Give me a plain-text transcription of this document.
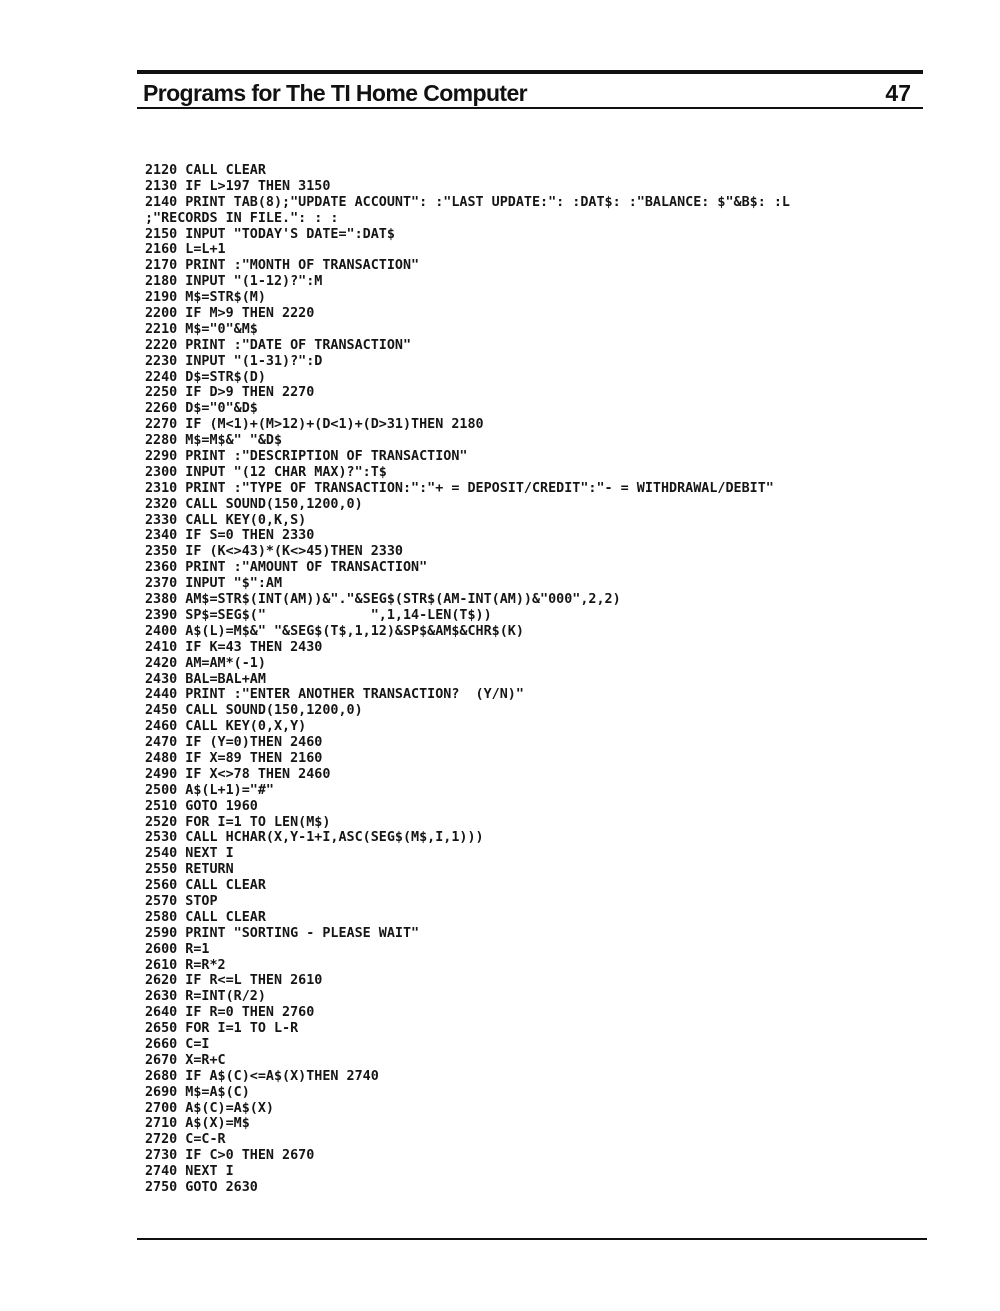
Programs for The TI Home Computer	47
2120 CALL CLEAR
2130 IF L>197 THEN 3150
2140 PRINT TAB(8);"UPDATE ACCOUNT": :"LAST UPDATE:": :DAT$: :"BALANCE: $"&B$: :L
;"RECORDS IN FILE.": : :
2150 INPUT "TODAY'S DATE=":DAT$
2160 L=L+1
2170 PRINT :"MONTH OF TRANSACTION"
2180 INPUT "(1-12)?":M
2190 M$=STR$(M)
2200 IF M>9 THEN 2220
2210 M$="0"&M$
2220 PRINT :"DATE OF TRANSACTION"
2230 INPUT "(1-31)?":D
2240 D$=STR$(D)
2250 IF D>9 THEN 2270
2260 D$="0"&D$
2270 IF (M<1)+(M>12)+(D<1)+(D>31)THEN 2180
2280 M$=M$&" "&D$
2290 PRINT :"DESCRIPTION OF TRANSACTION"
2300 INPUT "(12 CHAR MAX)?":T$
2310 PRINT :"TYPE OF TRANSACTION:":"+ = DEPOSIT/CREDIT":"- = WITHDRAWAL/DEBIT"
2320 CALL SOUND(150,1200,0)
2330 CALL KEY(0,K,S)
2340 IF S=0 THEN 2330
2350 IF (K<>43)*(K<>45)THEN 2330
2360 PRINT :"AMOUNT OF TRANSACTION"
2370 INPUT "$":AM
2380 AM$=STR$(INT(AM))&"."&SEG$(STR$(AM-INT(AM))&"000",2,2)
2390 SP$=SEG$("             ",1,14-LEN(T$))
2400 A$(L)=M$&" "&SEG$(T$,1,12)&SP$&AM$&CHR$(K)
2410 IF K=43 THEN 2430
2420 AM=AM*(-1)
2430 BAL=BAL+AM
2440 PRINT :"ENTER ANOTHER TRANSACTION?  (Y/N)"
2450 CALL SOUND(150,1200,0)
2460 CALL KEY(0,X,Y)
2470 IF (Y=0)THEN 2460
2480 IF X=89 THEN 2160
2490 IF X<>78 THEN 2460
2500 A$(L+1)="#"
2510 GOTO 1960
2520 FOR I=1 TO LEN(M$)
2530 CALL HCHAR(X,Y-1+I,ASC(SEG$(M$,I,1)))
2540 NEXT I
2550 RETURN
2560 CALL CLEAR
2570 STOP
2580 CALL CLEAR
2590 PRINT "SORTING - PLEASE WAIT"
2600 R=1
2610 R=R*2
2620 IF R<=L THEN 2610
2630 R=INT(R/2)
2640 IF R=0 THEN 2760
2650 FOR I=1 TO L-R
2660 C=I
2670 X=R+C
2680 IF A$(C)<=A$(X)THEN 2740
2690 M$=A$(C)
2700 A$(C)=A$(X)
2710 A$(X)=M$
2720 C=C-R
2730 IF C>0 THEN 2670
2740 NEXT I
2750 GOTO 2630
